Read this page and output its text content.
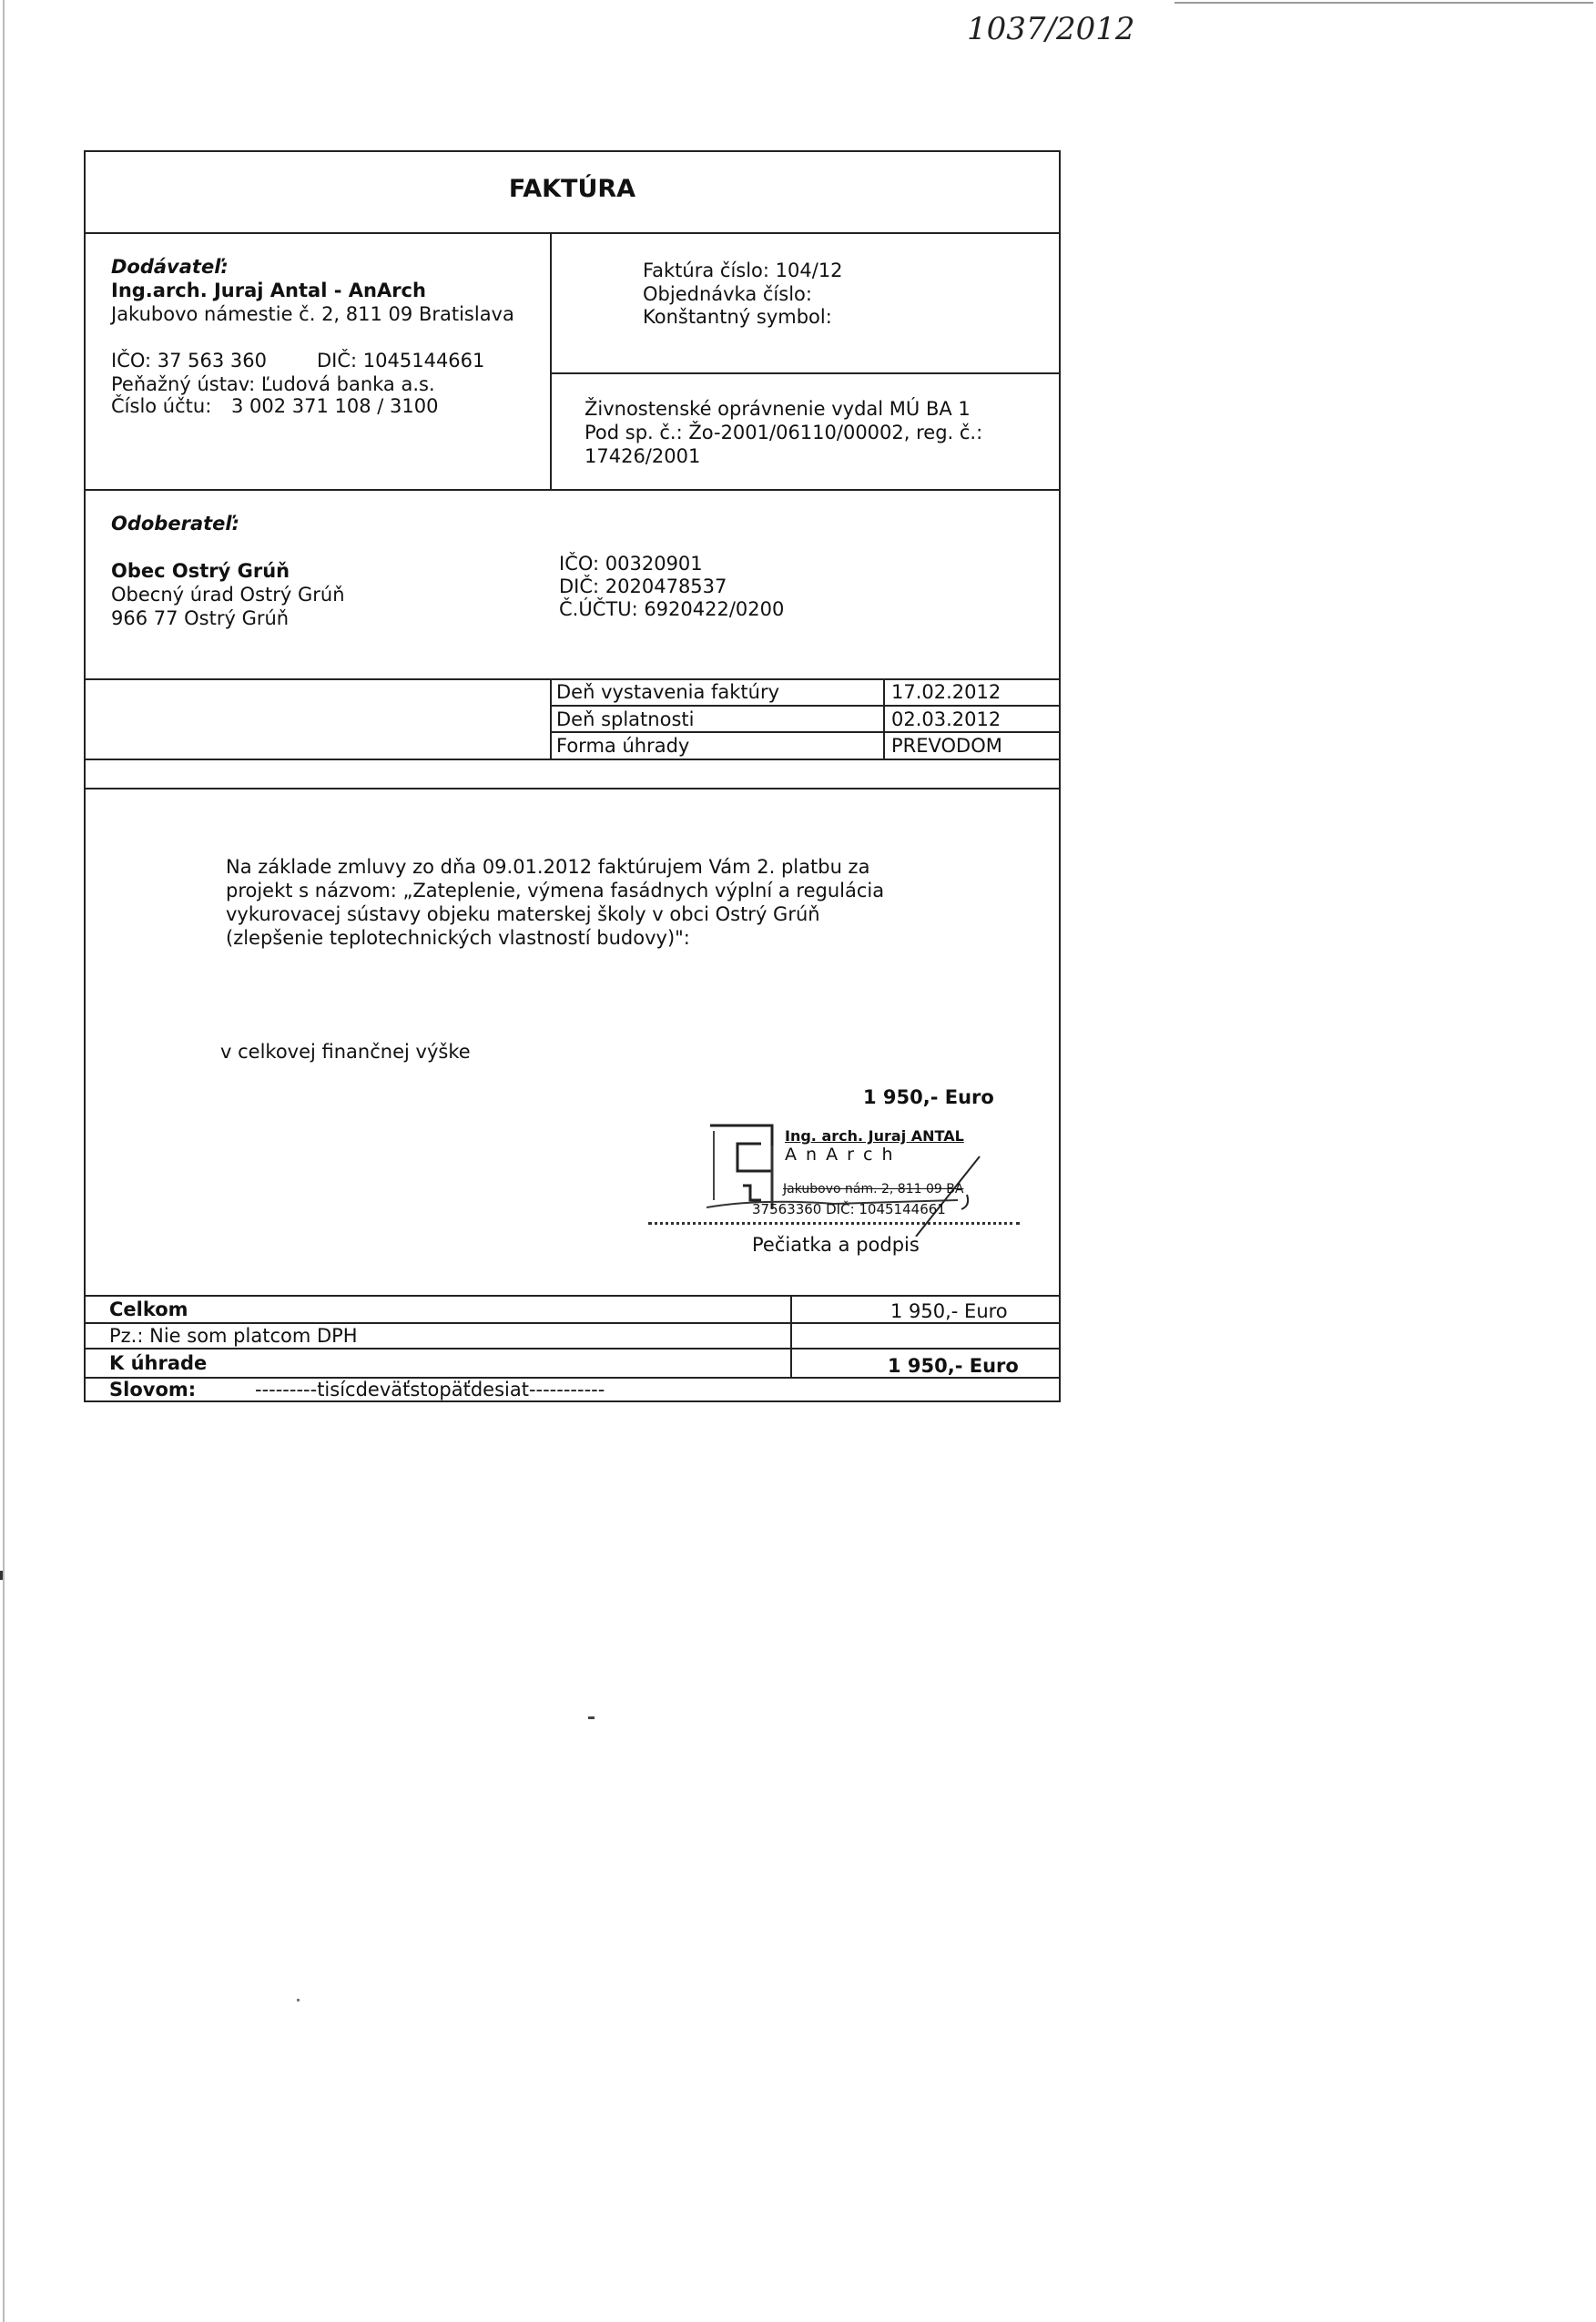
1037/2012
FAKTÚRA
Dodávateľ:
Ing.arch. Juraj Antal - AnArch
Jakubovo námestie č. 2, 811 09 Bratislava
IČO: 37 563 360	DIČ: 1045144661
Peňažný ústav: Ľudová banka a.s.
Číslo účtu: 3 002 371 108 / 3100
Faktúra číslo: 104/12
Objednávka číslo:
Konštantný symbol:
Živnostenské oprávnenie vydal MÚ BA 1
Pod sp. č.: Žo-2001/06110/00002, reg. č.:
17426/2001
Odoberateľ:
Obec Ostrý Grúň
Obecný úrad Ostrý Grúň
966 77 Ostrý Grúň
IČO: 00320901
DIČ: 2020478537
Č.ÚČTU: 6920422/0200
Deň vystavenia faktúry	17.02.2012
Deň splatnosti	02.03.2012
Forma úhrady	PREVODOM
Na základe zmluvy zo dňa 09.01.2012 faktúrujem Vám 2. platbu za
projekt s názvom: „Zateplenie, výmena fasádnych výplní a regulácia
vykurovacej sústavy objeku materskej školy v obci Ostrý Grúň
(zlepšenie teplotechnických vlastností budovy)":
v celkovej finančnej výške
1 950,- Euro
Ing. arch. Juraj ANTAL
A n A r c h
Jakubovo nám. 2, 811 09 BA
37563360 DIČ: 1045144661
Pečiatka a podpis
Celkom	1 950,- Euro
Pz.: Nie som platcom DPH
K úhrade	1 950,- Euro
Slovom:	---------tisícdeväťstopäťdesiat-----------
